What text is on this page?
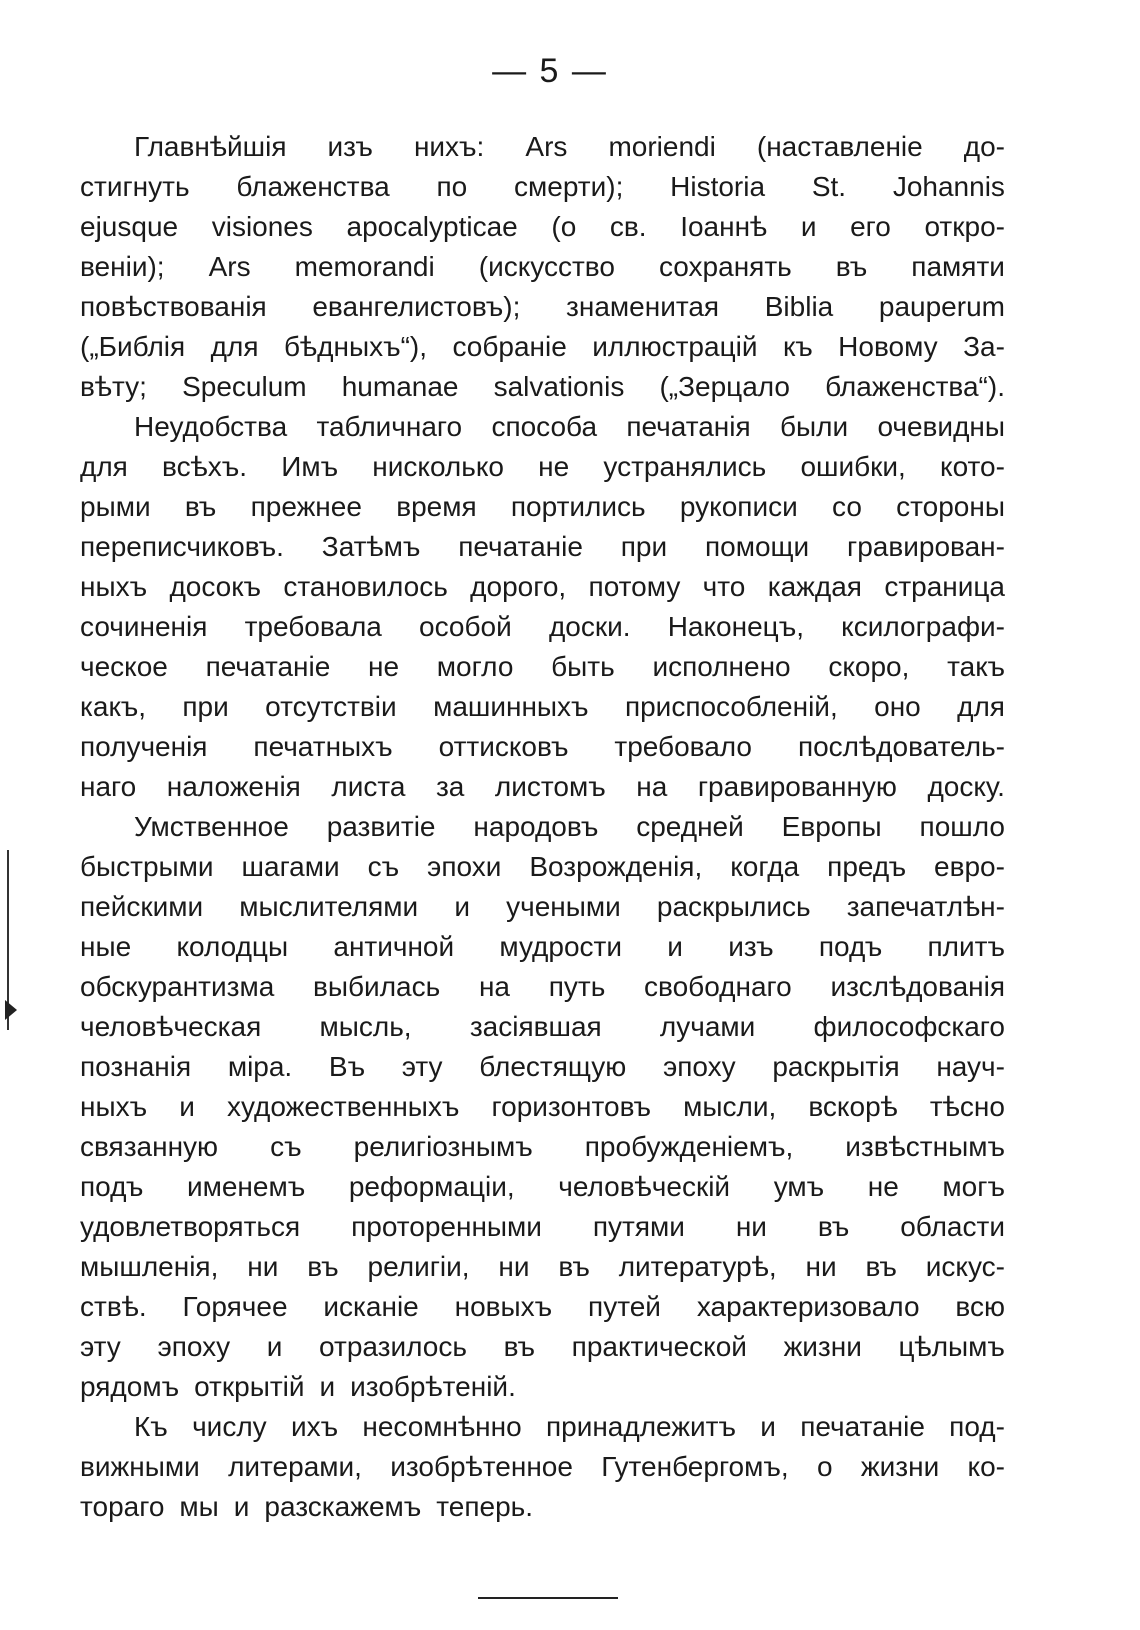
— 5 —
Главнѣйшія изъ нихъ: Ars moriendi (наставленіе до-
стигнуть блаженства по смерти); Historia St. Johannis
ejusque visiones apocalypticae (о св. Іоаннѣ и его откро-
веніи); Ars memorandi (искусство сохранять въ памяти
повѣствованія евангелистовъ); знаменитая Biblia pauperum
(„Библія для бѣдныхъ“), собраніе иллюстрацій къ Новому За-
вѣту; Speculum humanae salvationis („Зерцало блаженства“).
Неудобства табличнаго способа печатанія были очевидны
для всѣхъ. Имъ нисколько не устранялись ошибки, кото-
рыми въ прежнее время портились рукописи со стороны
переписчиковъ. Затѣмъ печатаніе при помощи гравирован-
ныхъ досокъ становилось дорого, потому что каждая страница
сочиненія требовала особой доски. Наконецъ, ксилографи-
ческое печатаніе не могло быть исполнено скоро, такъ
какъ, при отсутствіи машинныхъ приспособленій, оно для
полученія печатныхъ оттисковъ требовало послѣдователь-
наго наложенія листа за листомъ на гравированную доску.
Умственное развитіе народовъ средней Европы пошло
быстрыми шагами съ эпохи Возрожденія, когда предъ евро-
пейскими мыслителями и учеными раскрылись запечатлѣн-
ные колодцы античной мудрости и изъ подъ плитъ
обскурантизма выбилась на путь свободнаго изслѣдованія
человѣческая мысль, засіявшая лучами философскаго
познанія міра. Въ эту блестящую эпоху раскрытія науч-
ныхъ и художественныхъ горизонтовъ мысли, вскорѣ тѣсно
связанную съ религіознымъ пробужденіемъ, извѣстнымъ
подъ именемъ реформаціи, человѣческій умъ не могъ
удовлетворяться проторенными путями ни въ области
мышленія, ни въ религіи, ни въ литературѣ, ни въ искус-
ствѣ. Горячее исканіе новыхъ путей характеризовало всю
эту эпоху и отразилось въ практической жизни цѣлымъ
рядомъ открытій и изобрѣтеній.
Къ числу ихъ несомнѣнно принадлежитъ и печатаніе под-
вижными литерами, изобрѣтенное Гутенбергомъ, о жизни ко-
тораго мы и разскажемъ теперь.
